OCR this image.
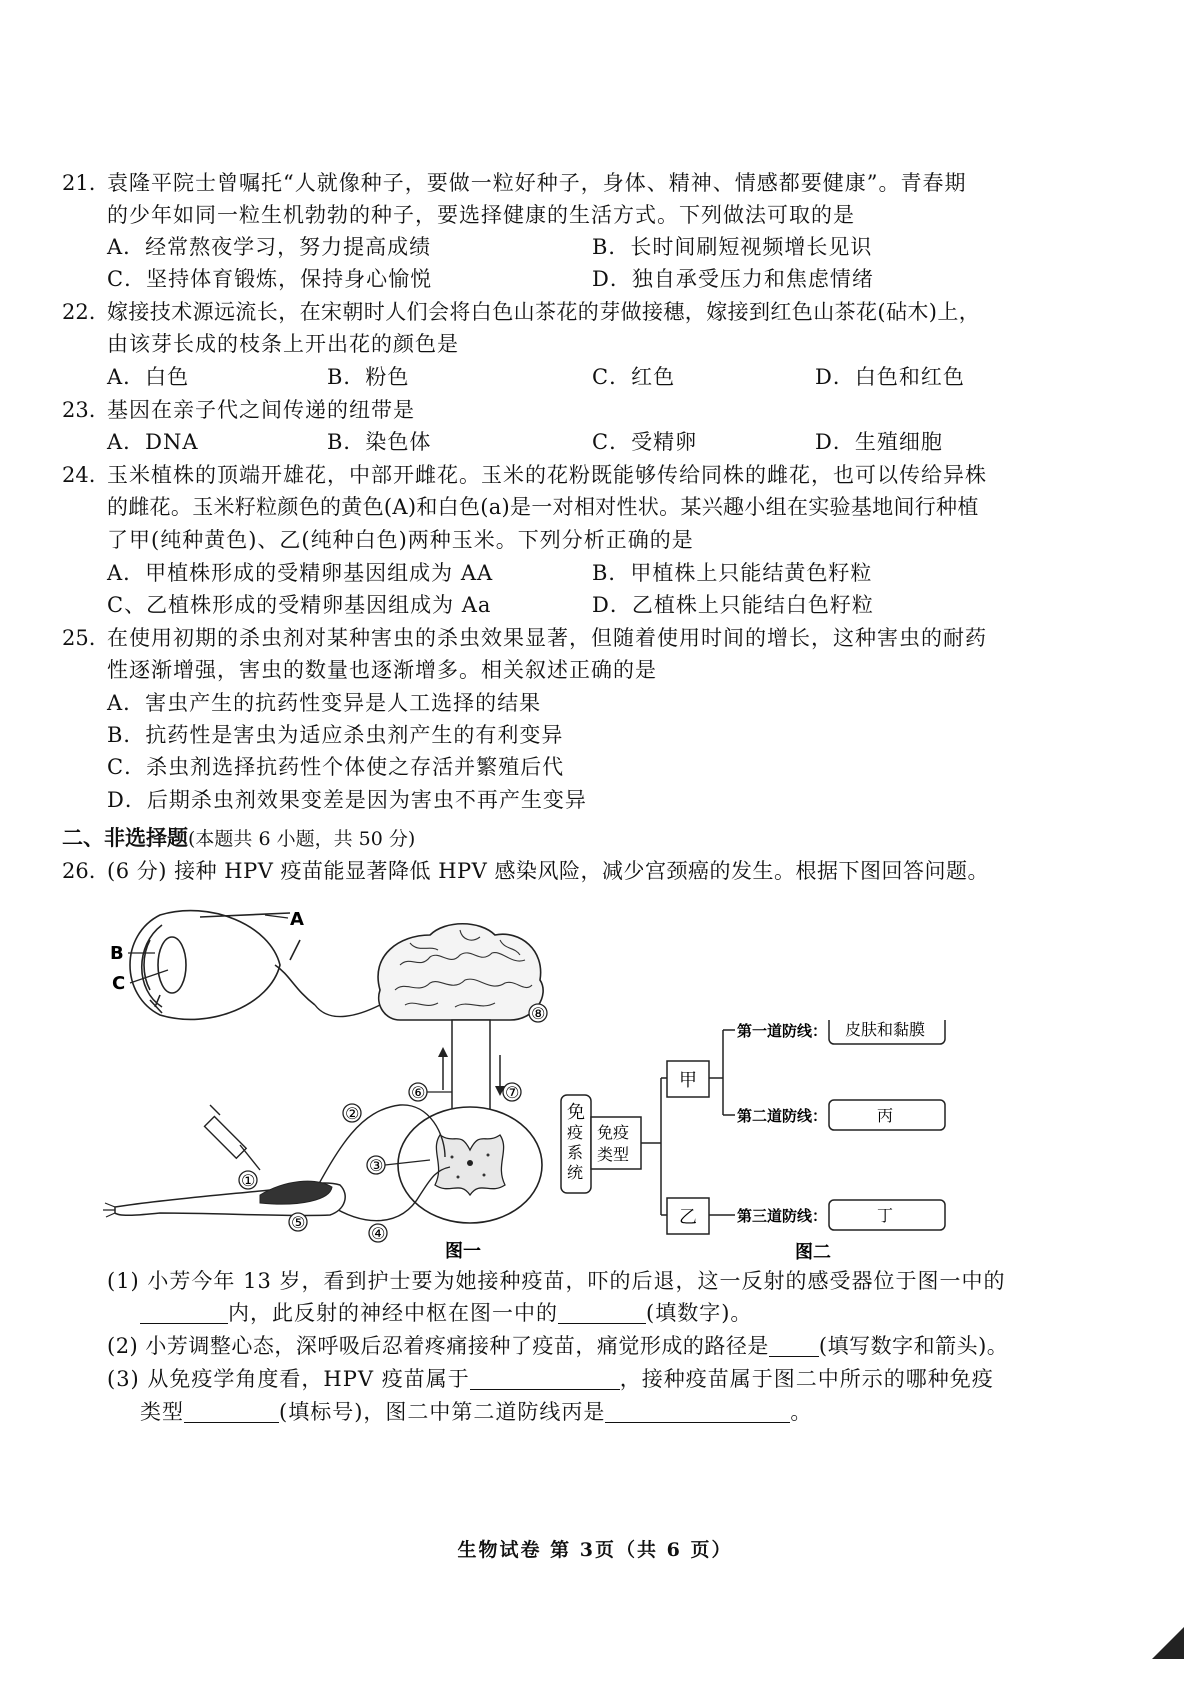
21. 袁隆平院士曾嘱托“人就像种子，要做一粒好种子，身体、精神、情感都要健康”。青春期
的少年如同一粒生机勃勃的种子，要选择健康的生活方式。下列做法可取的是
A．经常熬夜学习，努力提高成绩	B．长时间刷短视频增长见识
C．坚持体育锻炼，保持身心愉悦	D．独自承受压力和焦虑情绪
22. 嫁接技术源远流长，在宋朝时人们会将白色山茶花的芽做接穗，嫁接到红色山茶花(砧木)上，
由该芽长成的枝条上开出花的颜色是
A．白色	B．粉色	C．红色	D．白色和红色
23. 基因在亲子代之间传递的纽带是
A．DNA	B．染色体	C．受精卵	D．生殖细胞
24. 玉米植株的顶端开雄花，中部开雌花。玉米的花粉既能够传给同株的雌花，也可以传给异株
的雌花。玉米籽粒颜色的黄色(A)和白色(a)是一对相对性状。某兴趣小组在实验基地间行种植
了甲(纯种黄色)、乙(纯种白色)两种玉米。下列分析正确的是
A．甲植株形成的受精卵基因组成为 AA	B．甲植株上只能结黄色籽粒
C、乙植株形成的受精卵基因组成为 Aa	D．乙植株上只能结白色籽粒
25. 在使用初期的杀虫剂对某种害虫的杀虫效果显著，但随着使用时间的增长，这种害虫的耐药
性逐渐增强，害虫的数量也逐渐增多。相关叙述正确的是
A．害虫产生的抗药性变异是人工选择的结果
B．抗药性是害虫为适应杀虫剂产生的有利变异
C．杀虫剂选择抗药性个体使之存活并繁殖后代
D．后期杀虫剂效果变差是因为害虫不再产生变异
二、非选择题(本题共 6 小题，共 50 分)
26. (6 分) 接种 HPV 疫苗能显著降低 HPV 感染风险，减少宫颈癌的发生。根据下图回答问题。
A
B
C
⑧
⑥	⑦
②
③
④
①
⑤
图一
免
疫
系
统
免疫
类型
甲
乙
第一道防线： 皮肤和黏膜
第二道防线：	丙
第三道防线：	丁
图二
(1) 小芳今年 13 岁，看到护士要为她接种疫苗，吓的后退，这一反射的感受器位于图一中的
内，此反射的神经中枢在图一中的	(填数字)。
(2) 小芳调整心态，深呼吸后忍着疼痛接种了疫苗，痛觉形成的路径是 (填写数字和箭头)。
(3) 从免疫学角度看，HPV 疫苗属于	，接种疫苗属于图二中所示的哪种免疫
类型	(填标号)，图二中第二道防线丙是	。
生物试卷 第 3页（共 6 页）
